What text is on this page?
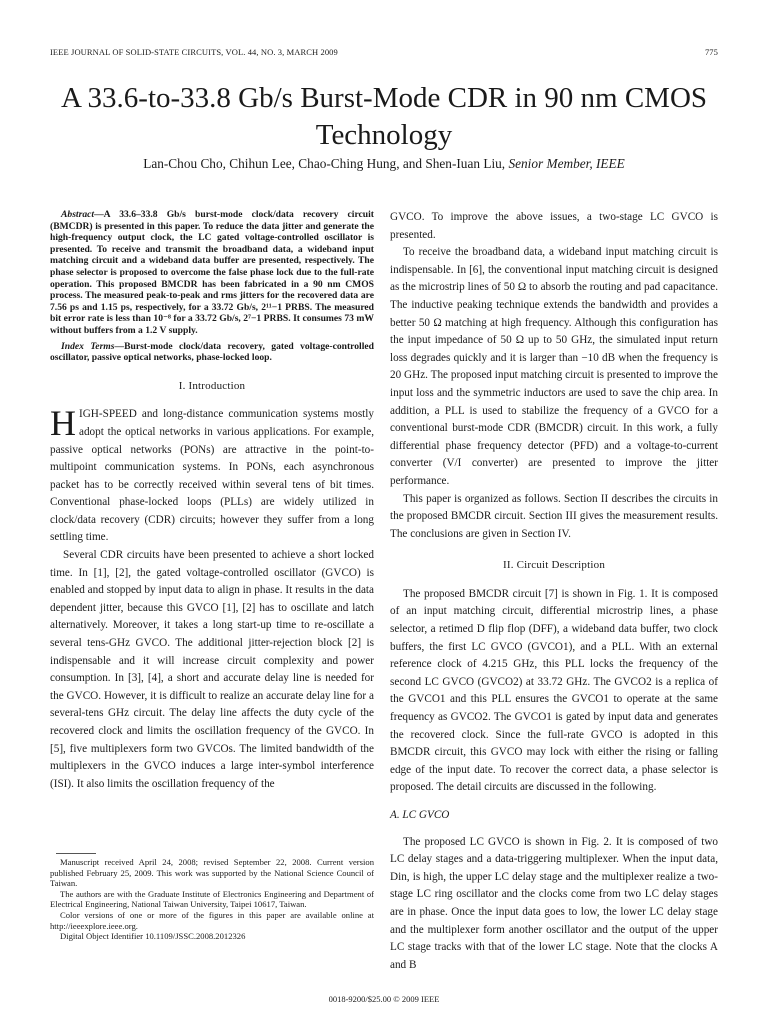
IEEE JOURNAL OF SOLID-STATE CIRCUITS, VOL. 44, NO. 3, MARCH 2009	775
A 33.6-to-33.8 Gb/s Burst-Mode CDR in 90 nm CMOS Technology
Lan-Chou Cho, Chihun Lee, Chao-Ching Hung, and Shen-Iuan Liu, Senior Member, IEEE

Abstract—A 33.6–33.8 Gb/s burst-mode clock/data recovery circuit (BMCDR) is presented in this paper. To reduce the data jitter and generate the high-frequency output clock, the LC gated voltage-controlled oscillator is presented. To receive and transmit the broadband data, a wideband input matching circuit and a wideband data buffer are presented, respectively. The phase selector is proposed to overcome the false phase lock due to the full-rate operation. This proposed BMCDR has been fabricated in a 90 nm CMOS process. The measured peak-to-peak and rms jitters for the recovered data are 7.56 ps and 1.15 ps, respectively, for a 33.72 Gb/s, 2¹¹−1 PRBS. The measured bit error rate is less than 10⁻⁸ for a 33.72 Gb/s, 2⁷−1 PRBS. It consumes 73 mW without buffers from a 1.2 V supply.

Index Terms—Burst-mode clock/data recovery, gated voltage-controlled oscillator, passive optical networks, phase-locked loop.

I. Introduction

HIGH-SPEED and long-distance communication systems mostly adopt the optical networks in various applications. For example, passive optical networks (PONs) are attractive in the point-to-multipoint communication systems. In PONs, each asynchronous packet has to be correctly received within several tens of bit times. Conventional phase-locked loops (PLLs) are widely utilized in clock/data recovery (CDR) circuits; however they suffer from a long settling time.

Several CDR circuits have been presented to achieve a short locked time. In [1], [2], the gated voltage-controlled oscillator (GVCO) is enabled and stopped by input data to align in phase. It results in the data dependent jitter, because this GVCO [1], [2] has to oscillate and latch alternatively. Moreover, it takes a long start-up time to re-oscillate a several tens-GHz GVCO. The additional jitter-rejection block [2] is indispensable and it will increase circuit complexity and power consumption. In [3], [4], a short and accurate delay line is needed for the GVCO. However, it is difficult to realize an accurate delay line for a several-tens GHz circuit. The delay line affects the duty cycle of the recovered clock and limits the oscillation frequency of the GVCO. In [5], five multiplexers form two GVCOs. The limited bandwidth of the multiplexers in the GVCO induces a large inter-symbol interference (ISI). It also limits the oscillation frequency of the

Manuscript received April 24, 2008; revised September 22, 2008. Current version published February 25, 2009. This work was supported by the National Science Council of Taiwan.

The authors are with the Graduate Institute of Electronics Engineering and Department of Electrical Engineering, National Taiwan University, Taipei 10617, Taiwan.

Color versions of one or more of the figures in this paper are available online at http://ieeexplore.ieee.org.

Digital Object Identifier 10.1109/JSSC.2008.2012326

GVCO. To improve the above issues, a two-stage LC GVCO is presented.

To receive the broadband data, a wideband input matching circuit is indispensable. In [6], the conventional input matching circuit is designed as the microstrip lines of 50 Ω to absorb the routing and pad capacitance. The inductive peaking technique extends the bandwidth and provides a better 50 Ω matching at high frequency. Although this configuration has the input impedance of 50 Ω up to 50 GHz, the simulated input return loss degrades quickly and it is larger than −10 dB when the frequency is 20 GHz. The proposed input matching circuit is presented to improve the input loss and the symmetric inductors are used to save the chip area. In addition, a PLL is used to stabilize the frequency of a GVCO for a conventional burst-mode CDR (BMCDR) circuit. In this work, a fully differential phase frequency detector (PFD) and a voltage-to-current converter (V/I converter) are presented to improve the jitter performance.

This paper is organized as follows. Section II describes the circuits in the proposed BMCDR circuit. Section III gives the measurement results. The conclusions are given in Section IV.

II. Circuit Description

The proposed BMCDR circuit [7] is shown in Fig. 1. It is composed of an input matching circuit, differential microstrip lines, a phase selector, a retimed D flip flop (DFF), a wideband data buffer, two clock buffers, the first LC GVCO (GVCO1), and a PLL. With an external reference clock of 4.215 GHz, this PLL locks the frequency of the second LC GVCO (GVCO2) at 33.72 GHz. The GVCO2 is a replica of the GVCO1 and this PLL ensures the GVCO1 to operate at the same frequency as GVCO2. The GVCO1 is gated by input data and generates the recovered clock. Since the full-rate GVCO is adopted in this BMCDR circuit, this GVCO may lock with either the rising or falling edge of the input date. To recover the correct data, a phase selector is proposed. The detail circuits are discussed in the following.

A. LC GVCO

The proposed LC GVCO is shown in Fig. 2. It is composed of two LC delay stages and a data-triggering multiplexer. When the input data, Din, is high, the upper LC delay stage and the multiplexer realize a two-stage LC ring oscillator and the clocks come from two LC delay stages are in phase. Once the input data goes to low, the lower LC delay stage and the multiplexer form another oscillator and the output of the upper LC stage tracks with that of the lower LC stage. Note that the clocks A and B

0018-9200/$25.00 © 2009 IEEE
